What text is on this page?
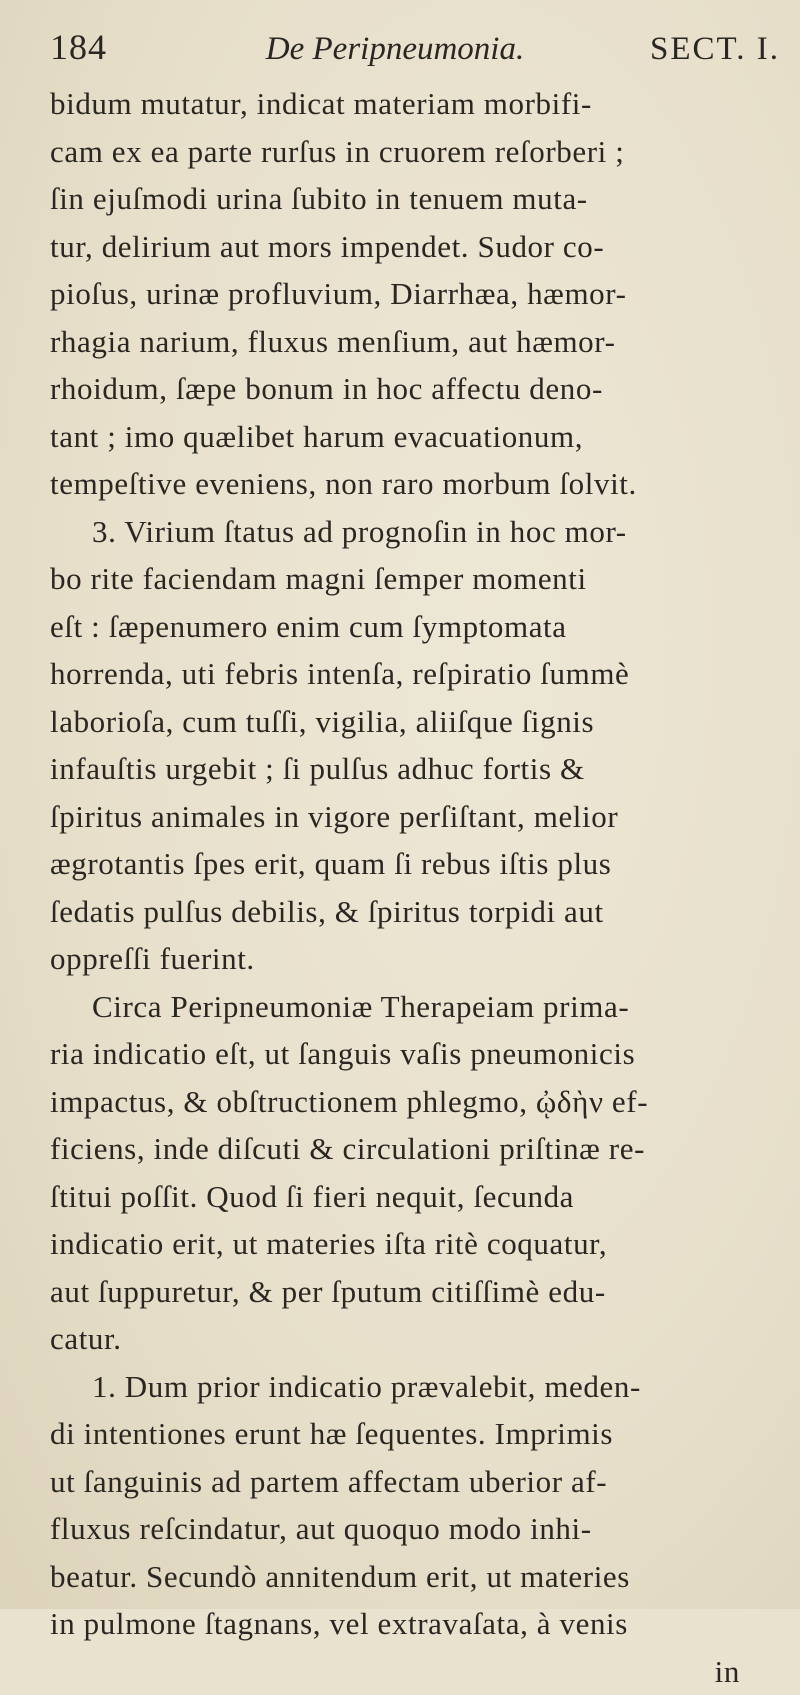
184	De Peripneumonia.	SECT. I.
bidum mutatur, indicat materiam morbifi-
cam ex ea parte rurſus in cruorem reſorberi ;
ſin ejuſmodi urina ſubito in tenuem muta-
tur, delirium aut mors impendet. Sudor co-
pioſus, urinæ profluvium, Diarrhæa, hæmor-
rhagia narium, fluxus menſium, aut hæmor-
rhoidum, ſæpe bonum in hoc affectu deno-
tant ; imo quælibet harum evacuationum,
tempeſtive eveniens, non raro morbum ſolvit.
3. Virium ſtatus ad prognoſin in hoc mor-
bo rite faciendam magni ſemper momenti
eſt : ſæpenumero enim cum ſymptomata
horrenda, uti febris intenſa, reſpiratio ſummè
laborioſa, cum tuſſi, vigilia, aliiſque ſignis
infauſtis urgebit ; ſi pulſus adhuc fortis &
ſpiritus animales in vigore perſiſtant, melior
ægrotantis ſpes erit, quam ſi rebus iſtis plus
ſedatis pulſus debilis, & ſpiritus torpidi aut
oppreſſi fuerint.
Circa Peripneumoniæ Therapeiam prima-
ria indicatio eſt, ut ſanguis vaſis pneumonicis
impactus, & obſtructionem phlegmo, ᾠδὴν ef-
ficiens, inde diſcuti & circulationi priſtinæ re-
ſtitui poſſit. Quod ſi fieri nequit, ſecunda
indicatio erit, ut materies iſta ritè coquatur,
aut ſuppuretur, & per ſputum citiſſimè edu-
catur.
1. Dum prior indicatio prævalebit, meden-
di intentiones erunt hæ ſequentes. Imprimis
ut ſanguinis ad partem affectam uberior af-
fluxus reſcindatur, aut quoquo modo inhi-
beatur. Secundò annitendum erit, ut materies
in pulmone ſtagnans, vel extravaſata, à venis
in
